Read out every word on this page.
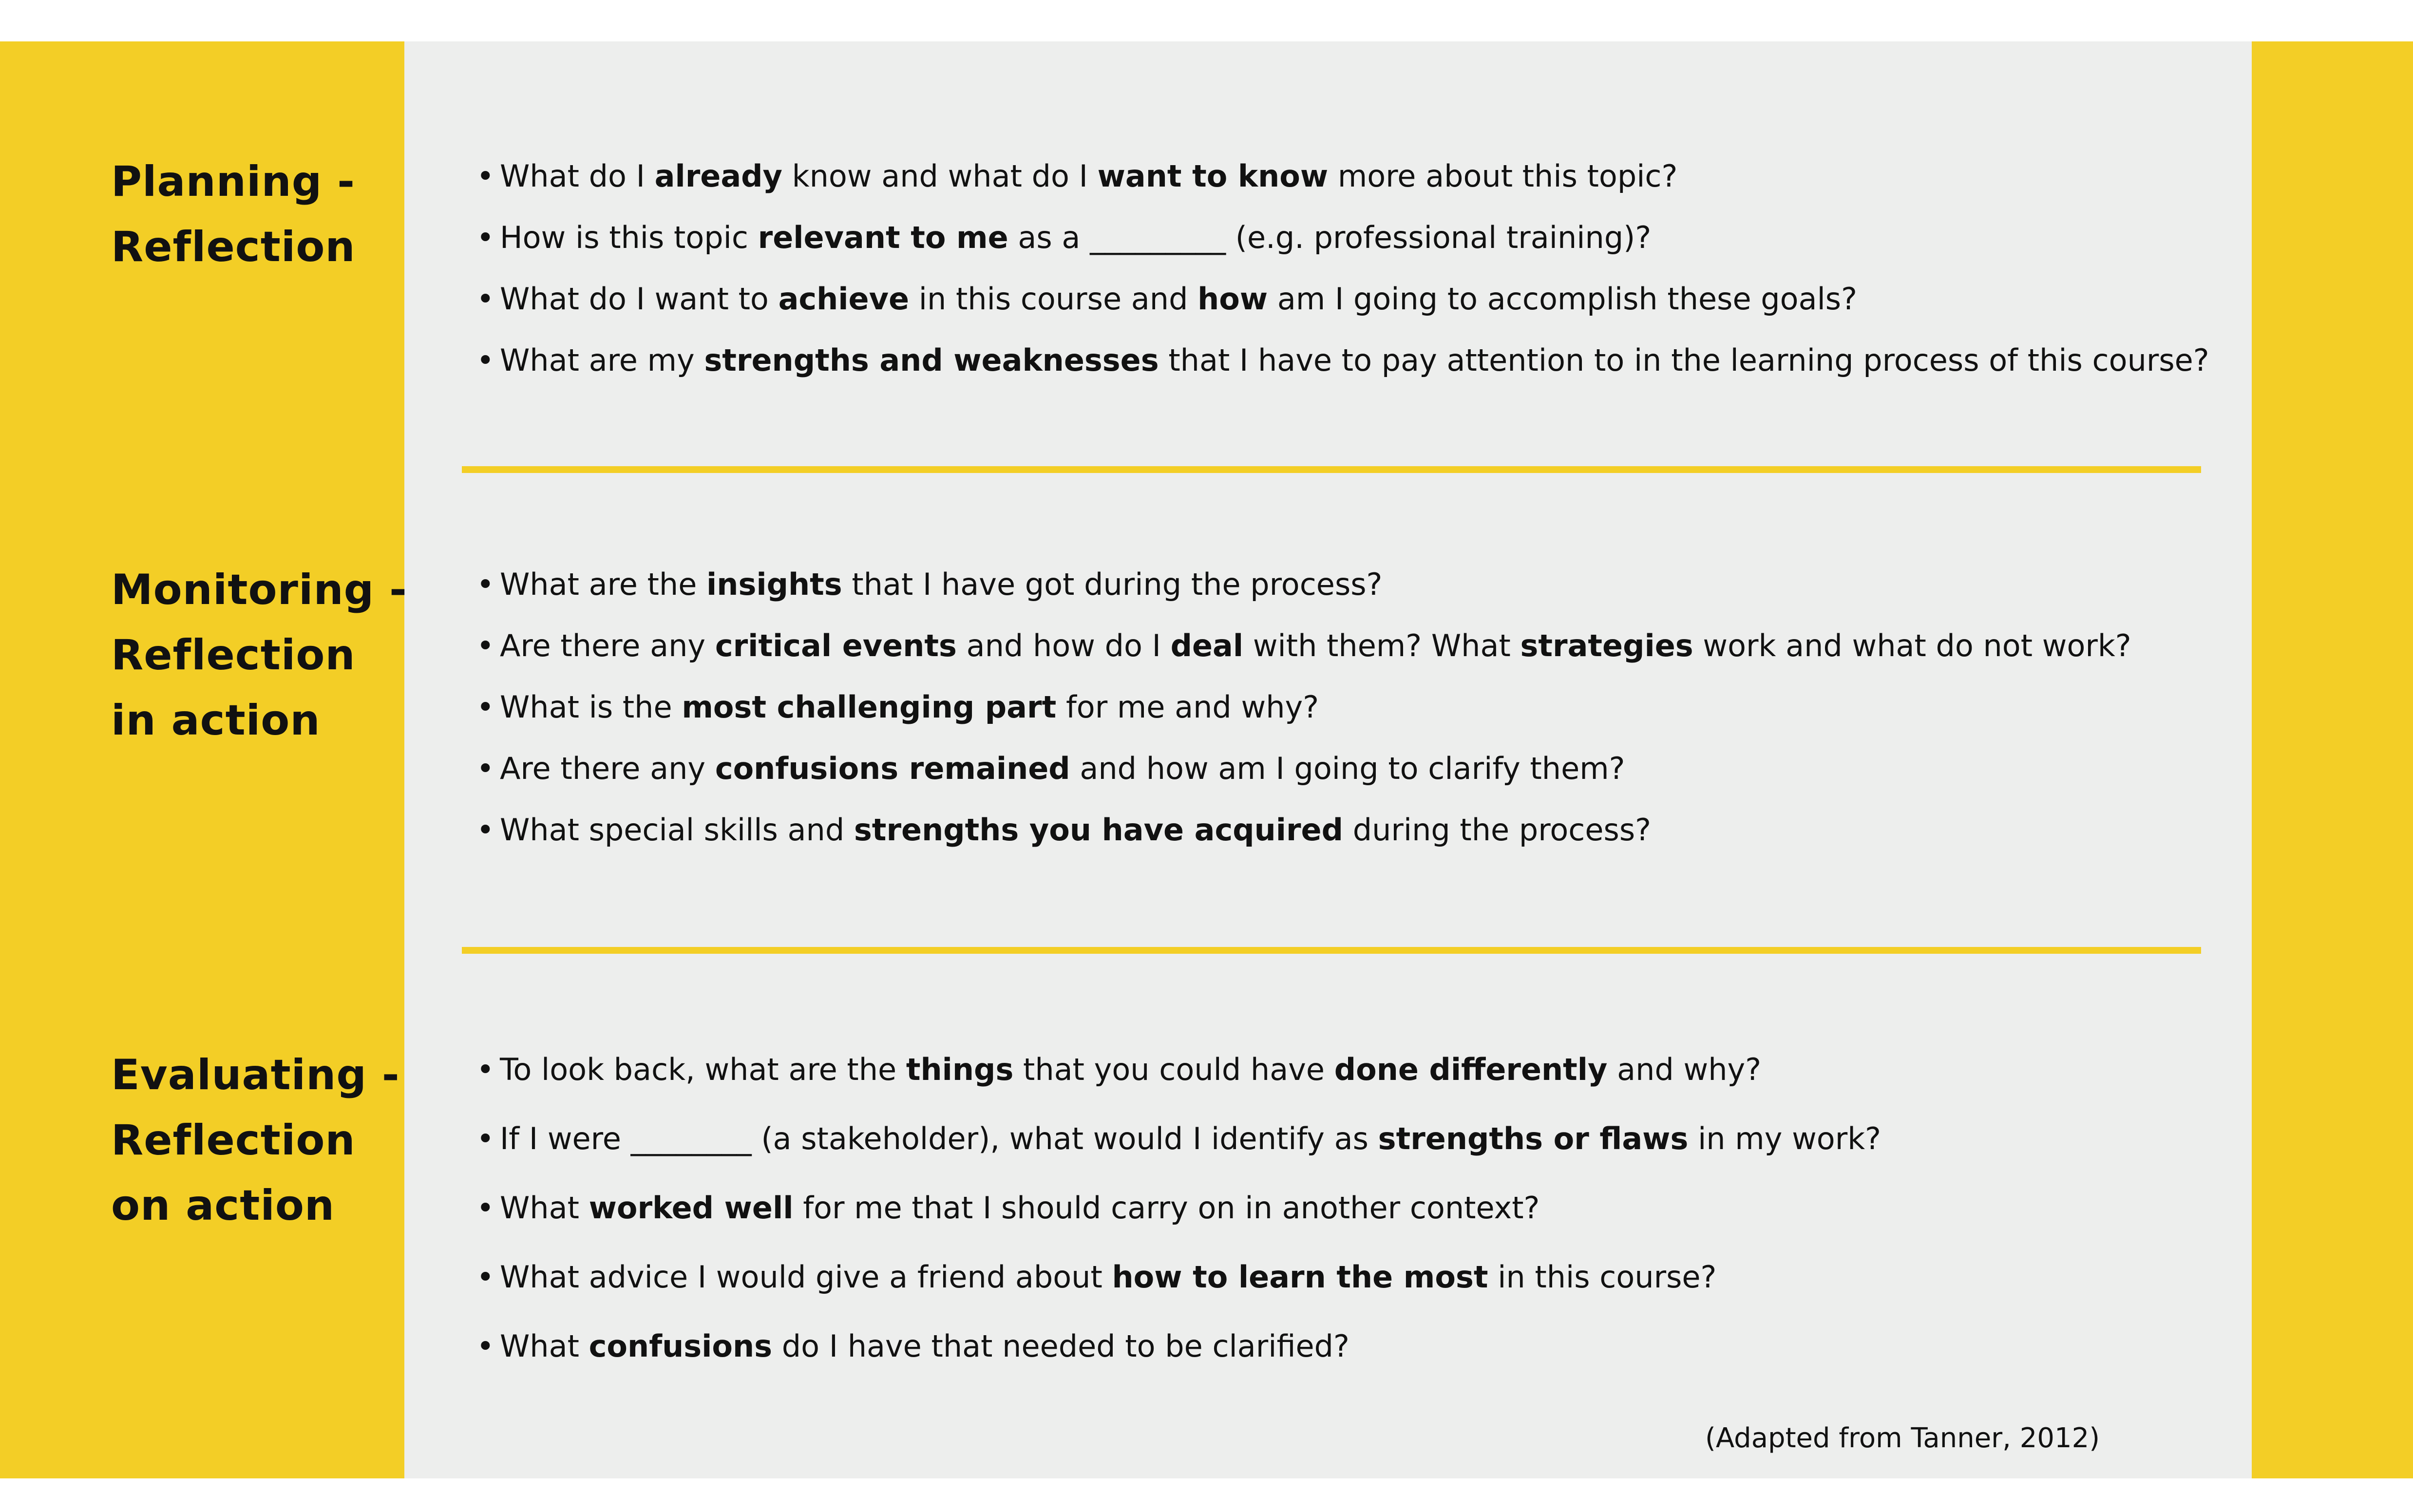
Planning -
Reflection
• What do I already know and what do I want to know more about this topic?
• How is this topic relevant to me as a _________ (e.g. professional training)?
• What do I want to achieve in this course and how am I going to accomplish these goals?
• What are my strengths and weaknesses that I have to pay attention to in the learning process of this course?
Monitoring -
Reflection
in action
• What are the insights that I have got during the process?
• Are there any critical events and how do I deal with them? What strategies work and what do not work?
• What is the most challenging part for me and why?
• Are there any confusions remained and how am I going to clarify them?
• What special skills and strengths you have acquired during the process?
Evaluating -
Reflection
on action
• To look back, what are the things that you could have done differently and why?
• If I were ________ (a stakeholder), what would I identify as strengths or flaws in my work?
• What worked well for me that I should carry on in another context?
• What advice I would give a friend about how to learn the most in this course?
• What confusions do I have that needed to be clarified?
(Adapted from Tanner, 2012)
